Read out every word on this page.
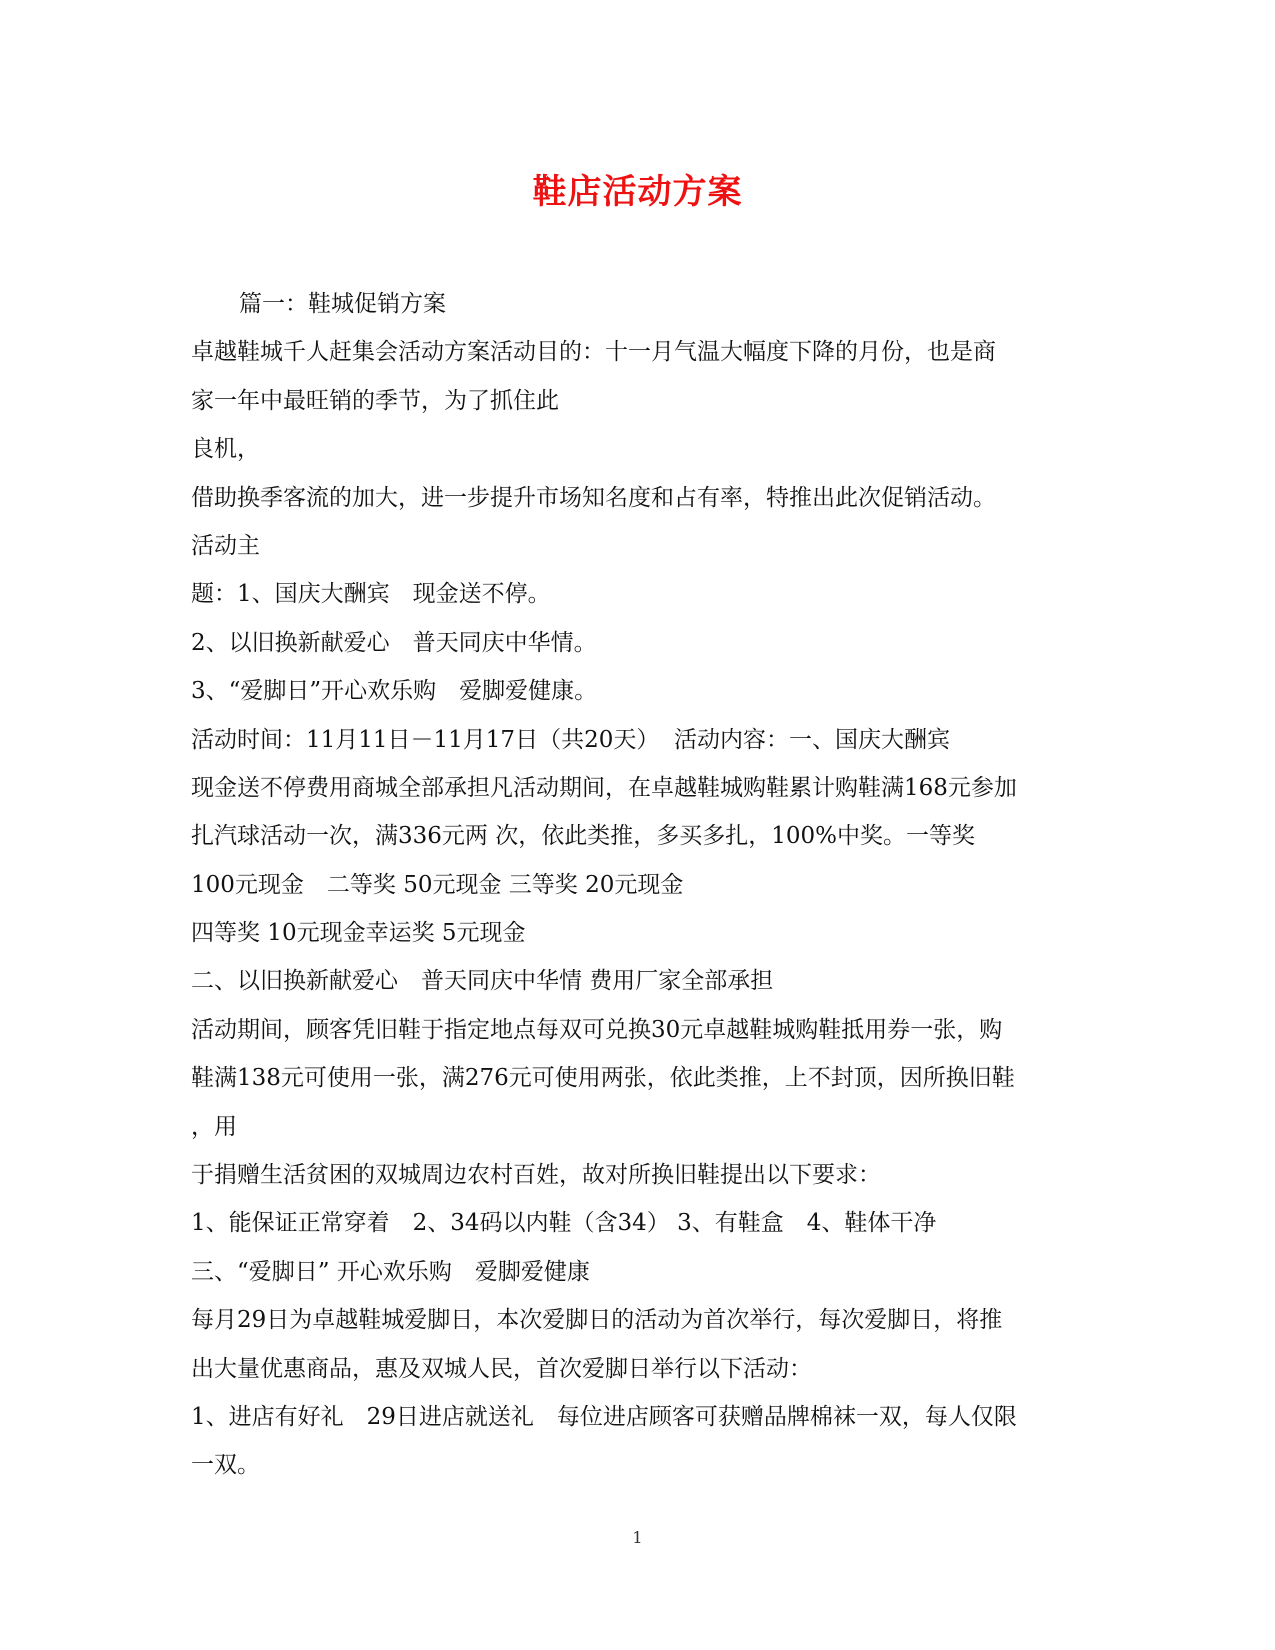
鞋店活动方案
篇一：鞋城促销方案
卓越鞋城千人赶集会活动方案活动目的：十一月气温大幅度下降的月份，也是商
家一年中最旺销的季节，为了抓住此
良机，
借助换季客流的加大，进一步提升市场知名度和占有率，特推出此次促销活动。
活动主
题：1、国庆大酬宾　现金送不停。
2、以旧换新献爱心　普天同庆中华情。
3、“爱脚日”开心欢乐购　爱脚爱健康。
活动时间：11月11日－11月17日（共20天）  活动内容：一、国庆大酬宾
现金送不停费用商城全部承担凡活动期间，在卓越鞋城购鞋累计购鞋满168元参加
扎汽球活动一次，满336元两 次，依此类推，多买多扎，100%中奖。一等奖
100元现金　二等奖 50元现金 三等奖 20元现金
四等奖 10元现金幸运奖 5元现金
二、以旧换新献爱心　普天同庆中华情 费用厂家全部承担
活动期间，顾客凭旧鞋于指定地点每双可兑换30元卓越鞋城购鞋抵用券一张，购
鞋满138元可使用一张，满276元可使用两张，依此类推，上不封顶，因所换旧鞋
，用
于捐赠生活贫困的双城周边农村百姓，故对所换旧鞋提出以下要求：
1、能保证正常穿着　2、34码以内鞋（含34） 3、有鞋盒　4、鞋体干净
三、“爱脚日” 开心欢乐购　爱脚爱健康
每月29日为卓越鞋城爱脚日，本次爱脚日的活动为首次举行，每次爱脚日，将推
出大量优惠商品，惠及双城人民，首次爱脚日举行以下活动：
1、进店有好礼　29日进店就送礼　每位进店顾客可获赠品牌棉袜一双，每人仅限
一双。
1
